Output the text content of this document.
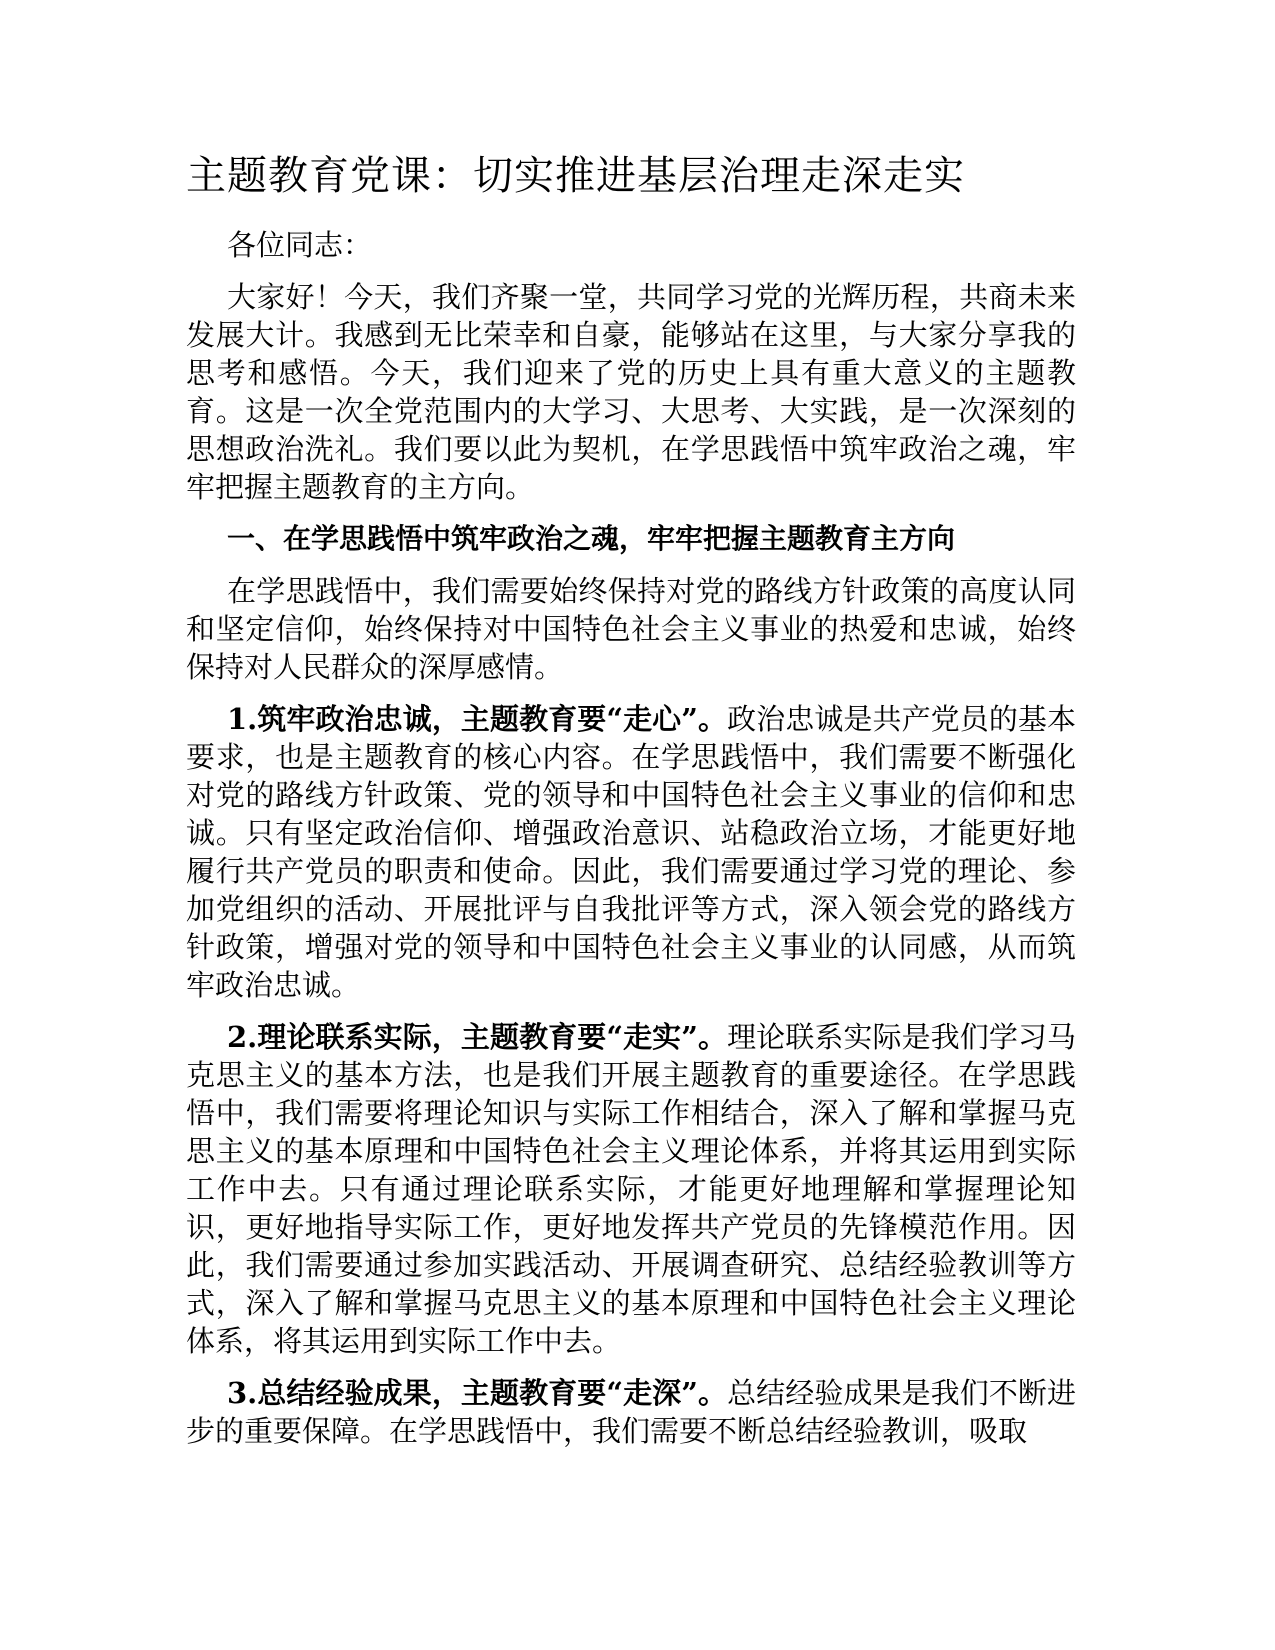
主题教育党课：切实推进基层治理走深走实

各位同志：

大家好！今天，我们齐聚一堂，共同学习党的光辉历程，共商未来发展大计。我感到无比荣幸和自豪，能够站在这里，与大家分享我的思考和感悟。今天，我们迎来了党的历史上具有重大意义的主题教育。这是一次全党范围内的大学习、大思考、大实践，是一次深刻的思想政治洗礼。我们要以此为契机，在学思践悟中筑牢政治之魂，牢牢把握主题教育的主方向。

一、在学思践悟中筑牢政治之魂，牢牢把握主题教育主方向

在学思践悟中，我们需要始终保持对党的路线方针政策的高度认同和坚定信仰，始终保持对中国特色社会主义事业的热爱和忠诚，始终保持对人民群众的深厚感情。

1.筑牢政治忠诚，主题教育要“走心”。政治忠诚是共产党员的基本要求，也是主题教育的核心内容。在学思践悟中，我们需要不断强化对党的路线方针政策、党的领导和中国特色社会主义事业的信仰和忠诚。只有坚定政治信仰、增强政治意识、站稳政治立场，才能更好地履行共产党员的职责和使命。因此，我们需要通过学习党的理论、参加党组织的活动、开展批评与自我批评等方式，深入领会党的路线方针政策，增强对党的领导和中国特色社会主义事业的认同感，从而筑牢政治忠诚。

2.理论联系实际，主题教育要“走实”。理论联系实际是我们学习马克思主义的基本方法，也是我们开展主题教育的重要途径。在学思践悟中，我们需要将理论知识与实际工作相结合，深入了解和掌握马克思主义的基本原理和中国特色社会主义理论体系，并将其运用到实际工作中去。只有通过理论联系实际，才能更好地理解和掌握理论知识，更好地指导实际工作，更好地发挥共产党员的先锋模范作用。因此，我们需要通过参加实践活动、开展调查研究、总结经验教训等方式，深入了解和掌握马克思主义的基本原理和中国特色社会主义理论体系，将其运用到实际工作中去。

3.总结经验成果，主题教育要“走深”。总结经验成果是我们不断进步的重要保障。在学思践悟中，我们需要不断总结经验教训，吸取
